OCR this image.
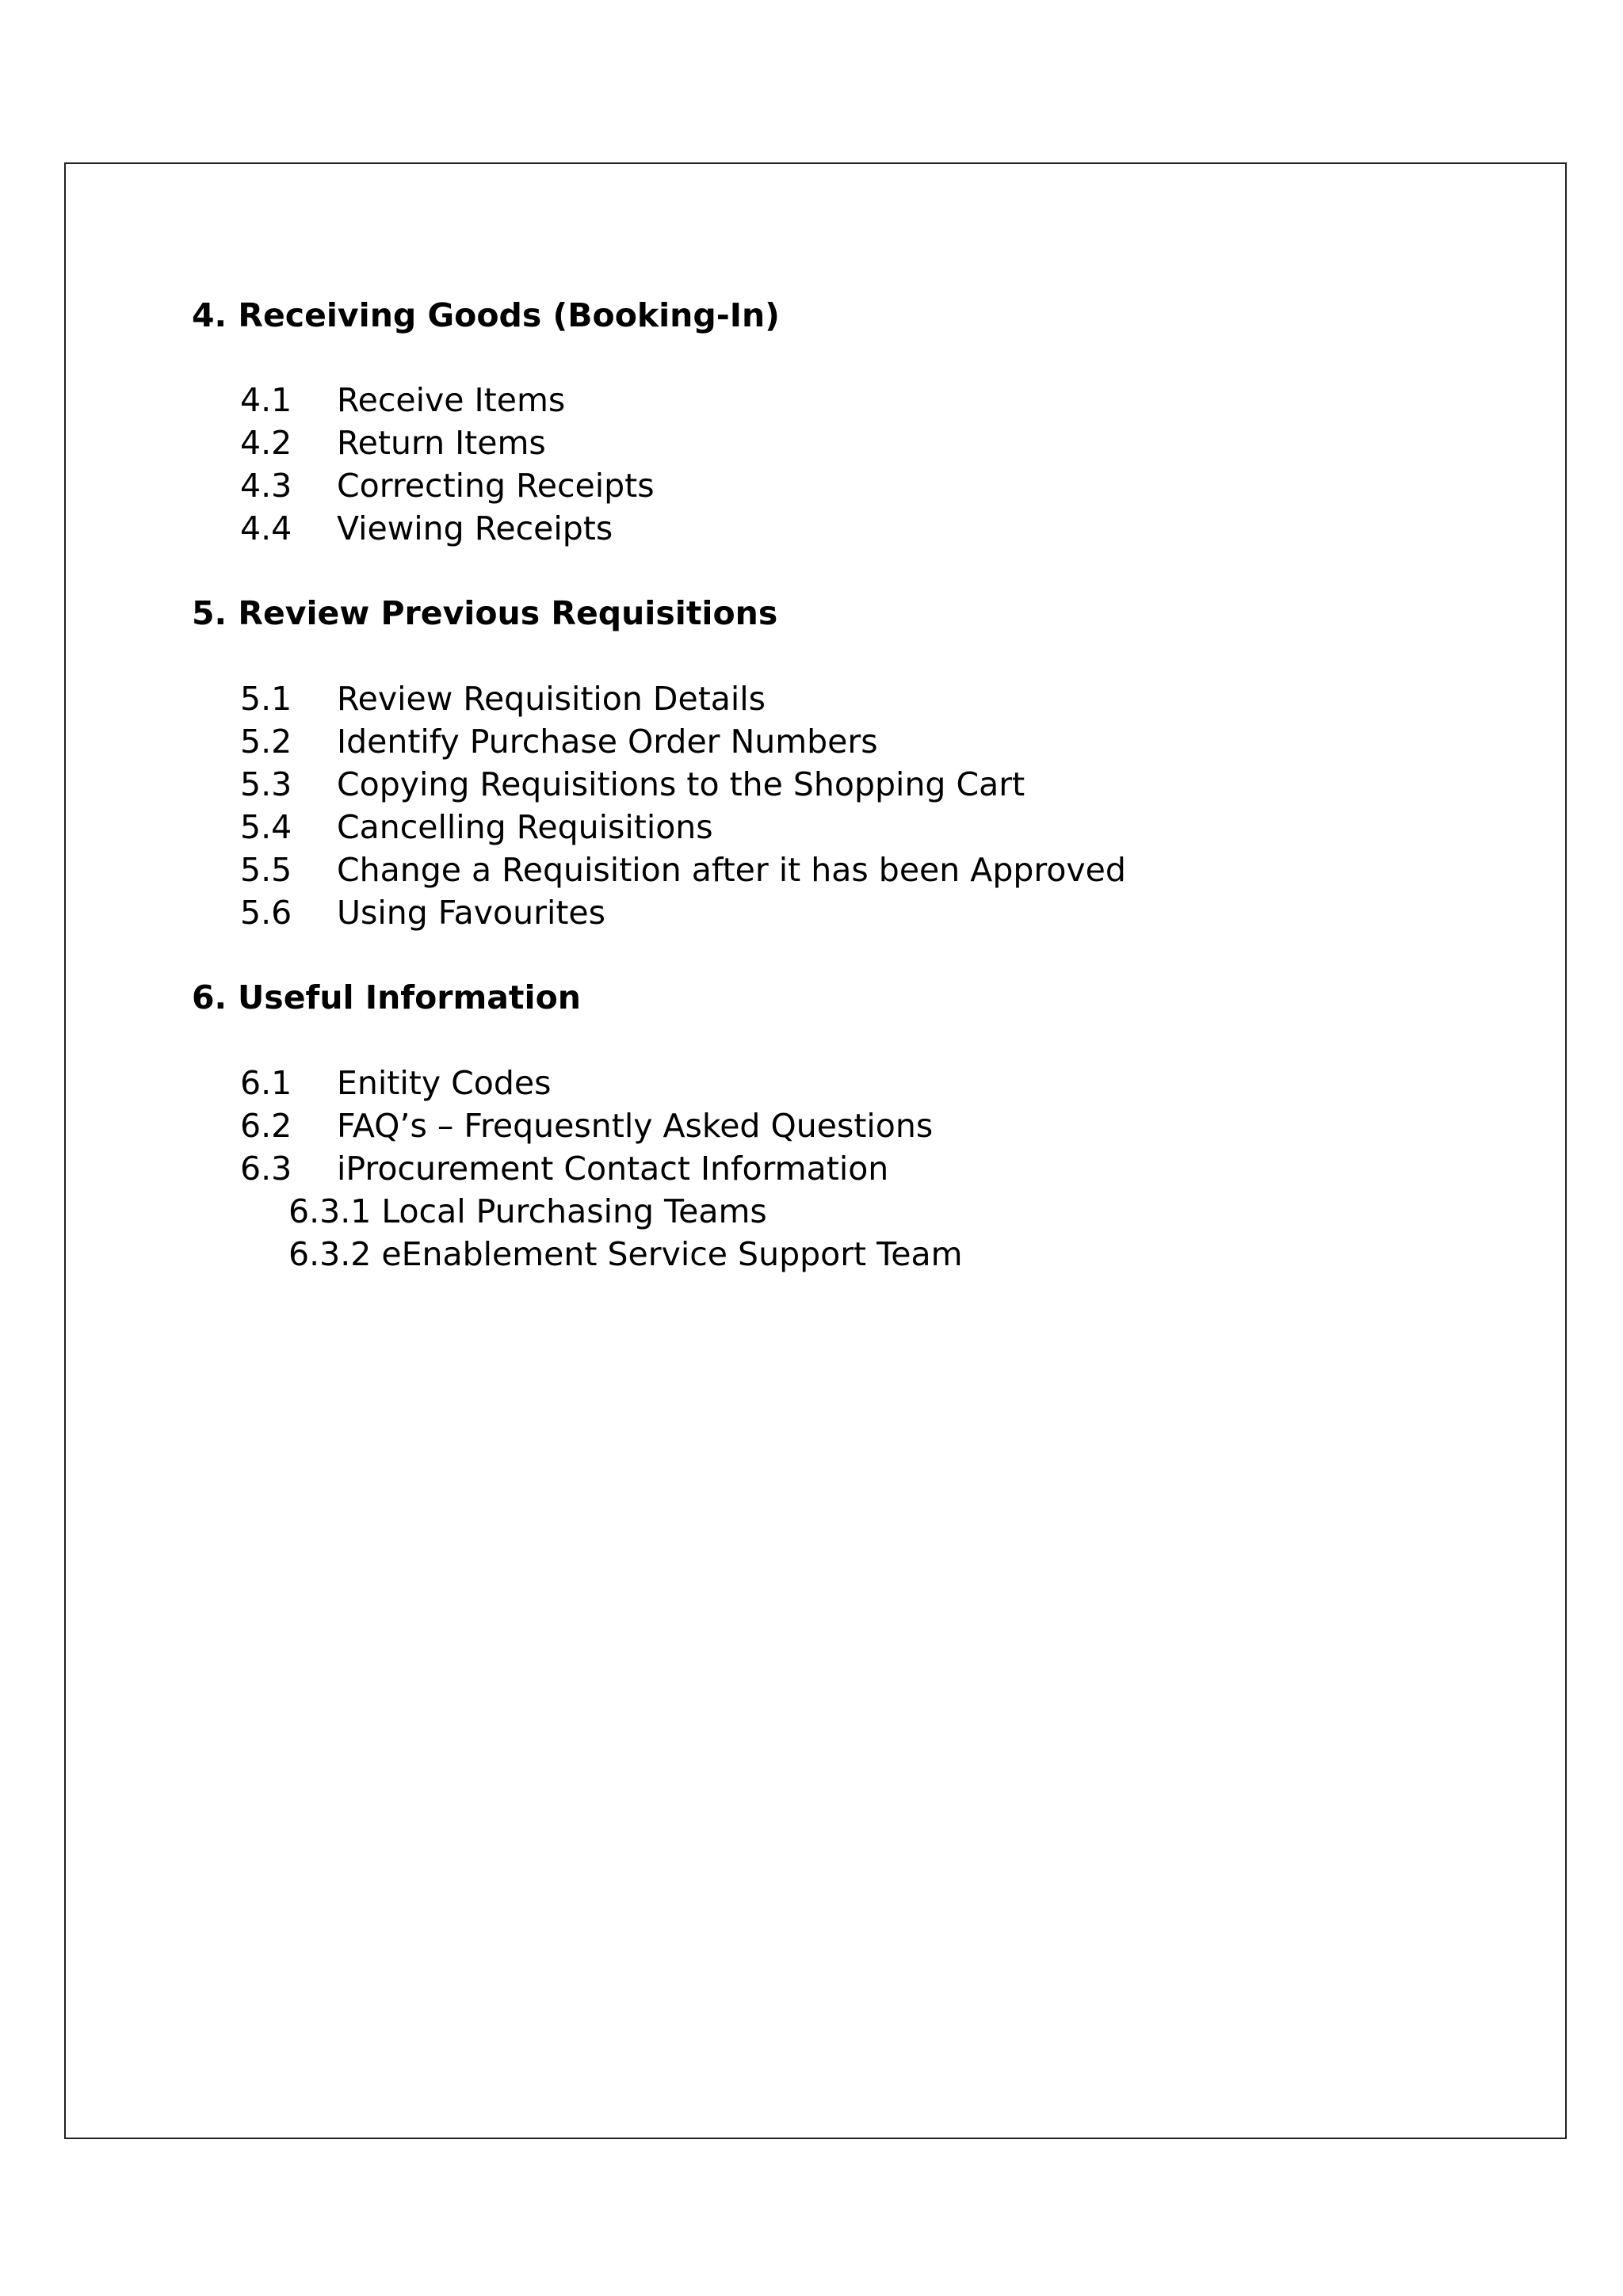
4. Receiving Goods (Booking-In)
4.1 Receive Items
4.2 Return Items
4.3 Correcting Receipts
4.4 Viewing Receipts
5. Review Previous Requisitions
5.1 Review Requisition Details
5.2 Identify Purchase Order Numbers
5.3 Copying Requisitions to the Shopping Cart
5.4 Cancelling Requisitions
5.5 Change a Requisition after it has been Approved
5.6 Using Favourites
6. Useful Information
6.1 Enitity Codes
6.2 FAQ’s – Frequesntly Asked Questions
6.3 iProcurement Contact Information
6.3.1 Local Purchasing Teams
6.3.2 eEnablement Service Support Team
